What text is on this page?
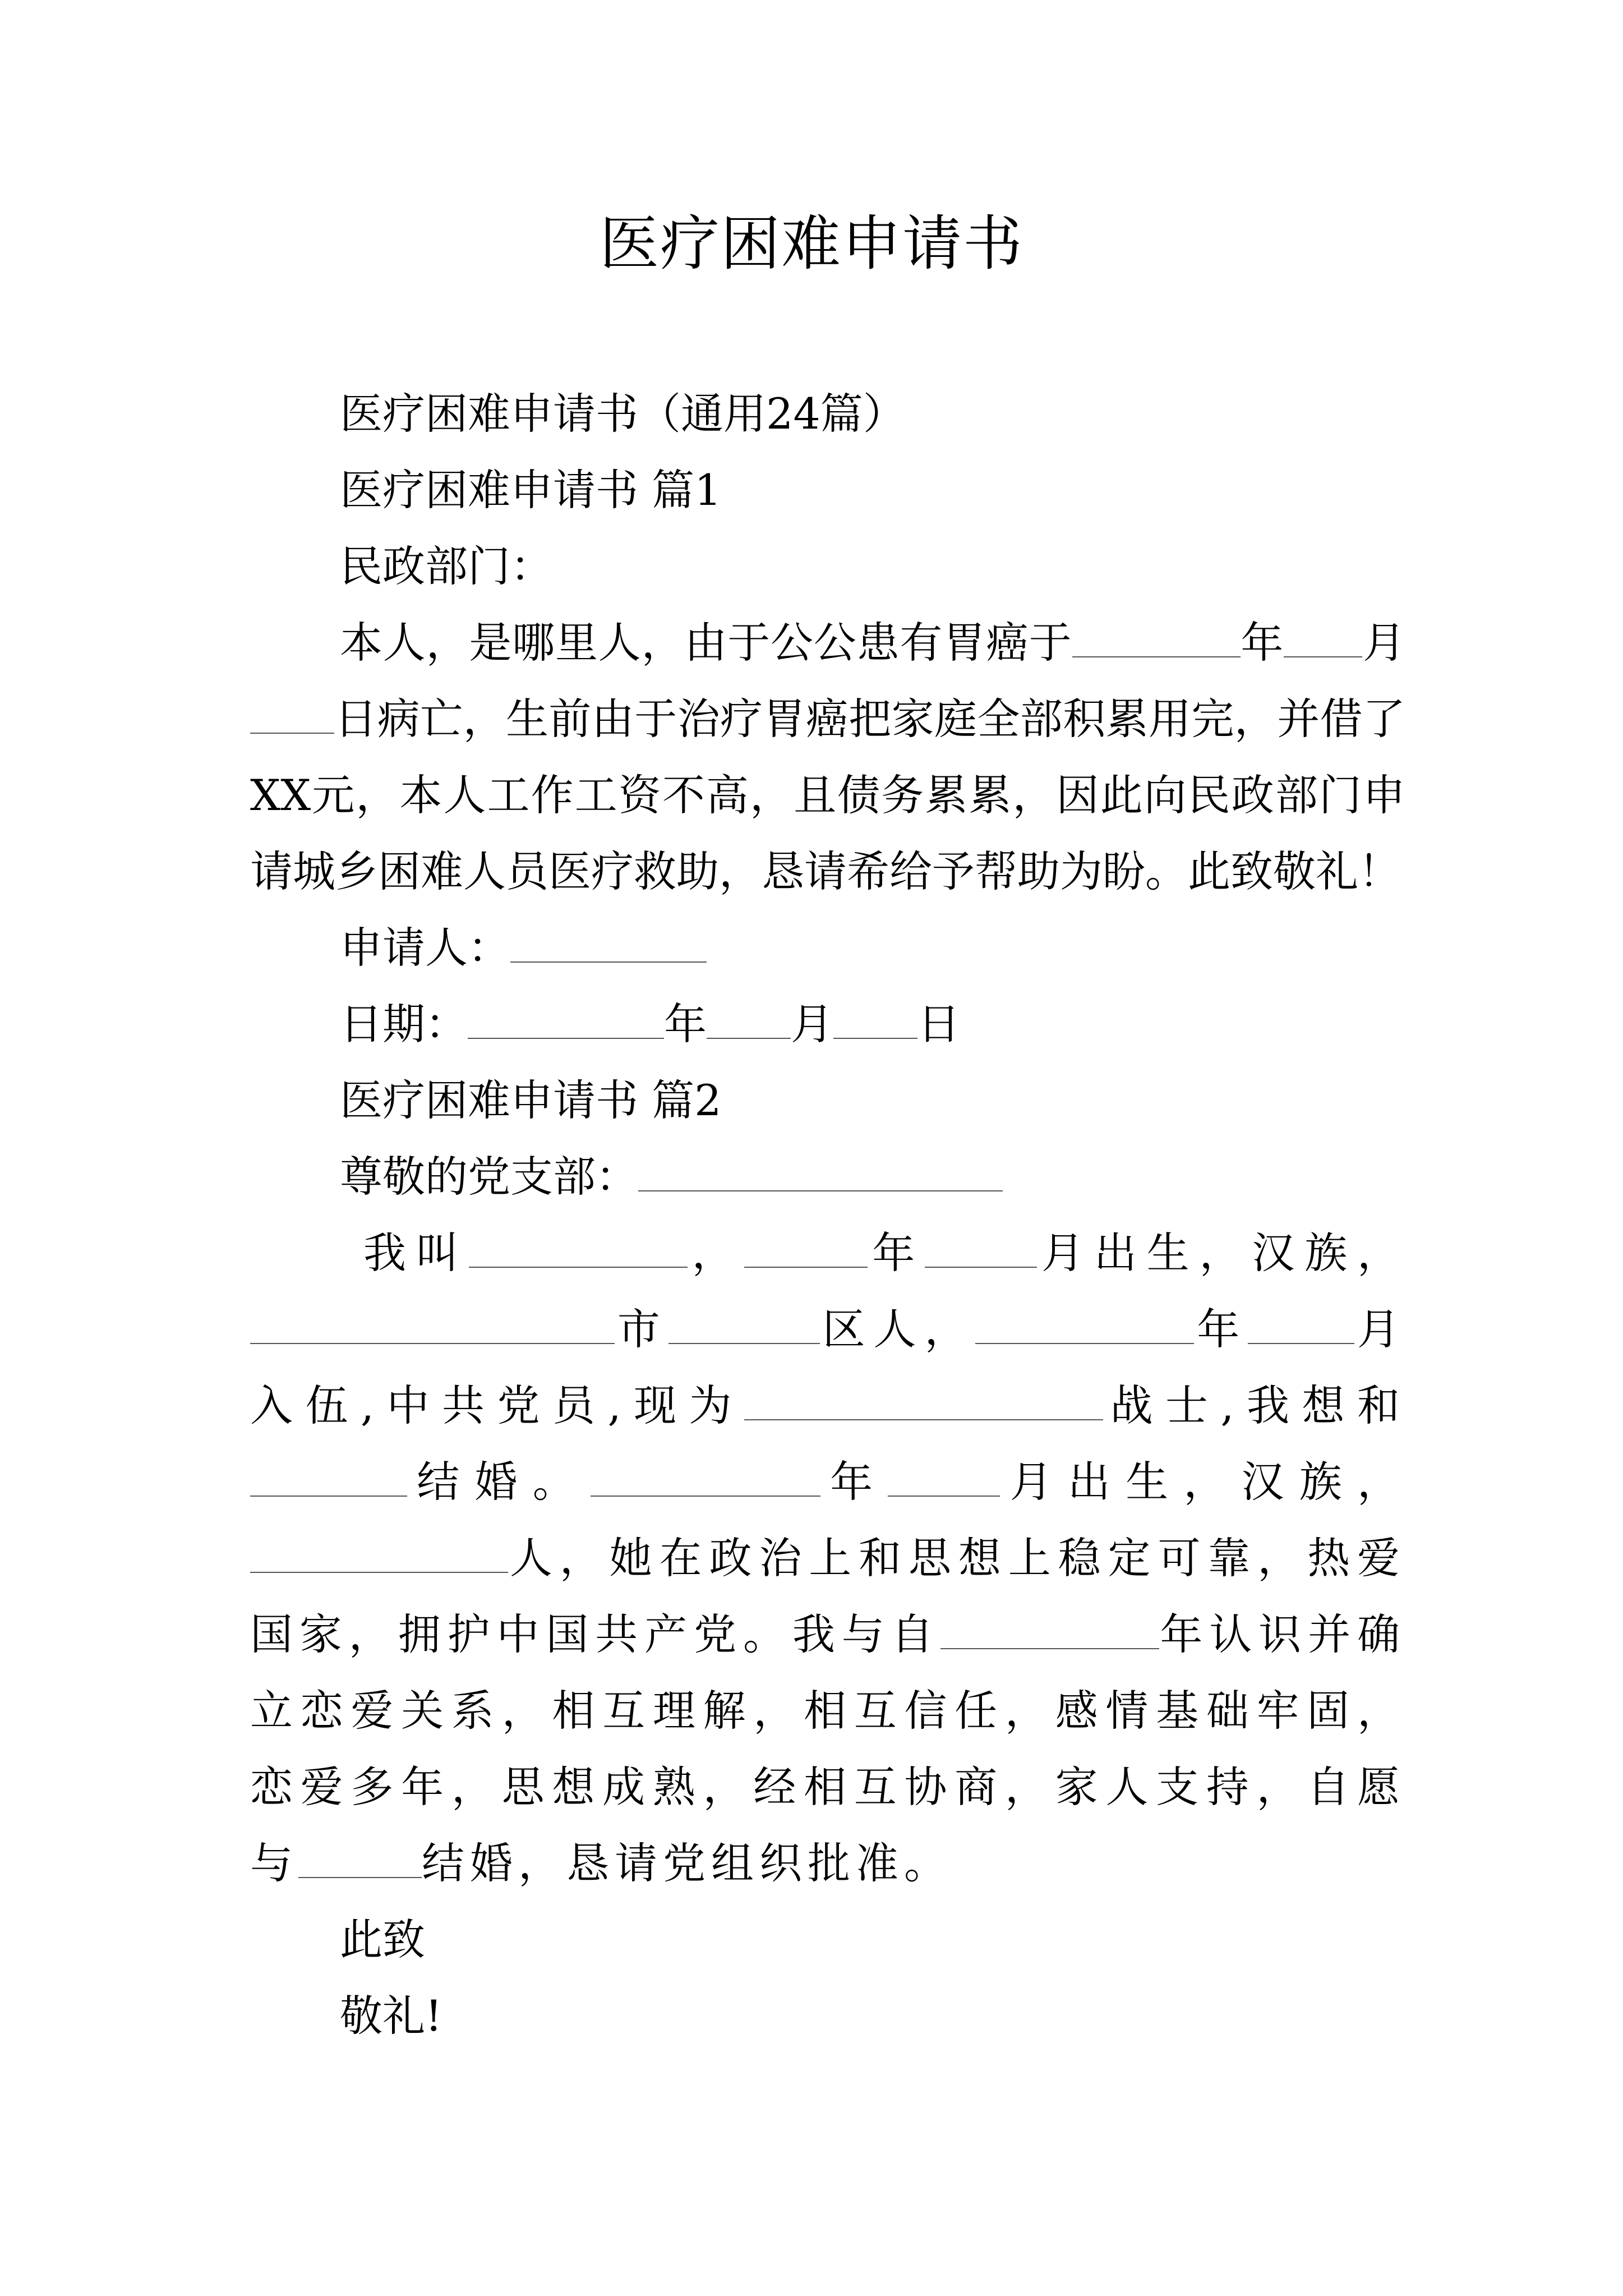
医疗困难申请书

医疗困难申请书（通用24篇）

医疗困难申请书 篇1

民政部门：

本人，是哪里人，由于公公患有胃癌于	年 月日病亡，生前由于治疗胃癌把家庭全部积累用完，并借了XX元，本人工作工资不高，且债务累累，因此向民政部门申请城乡困难人员医疗救助，恳请希给予帮助为盼。此致敬礼！

申请人：

日期：	年 月 日

医疗困难申请书 篇2

尊敬的党支部：

我叫	，	年	月出生，汉族，市	区人，	年	月入伍,中共党员,现为	战士,我想和结婚。	年	月出生，汉族，人，她在政治上和思想上稳定可靠，热爱国家，拥护中国共产党。我与自	年认识并确立恋爱关系，相互理解，相互信任，感情基础牢固，恋爱多年，思想成熟，经相互协商，家人支持，自愿与	结婚，恳请党组织批准。

此致

敬礼!
